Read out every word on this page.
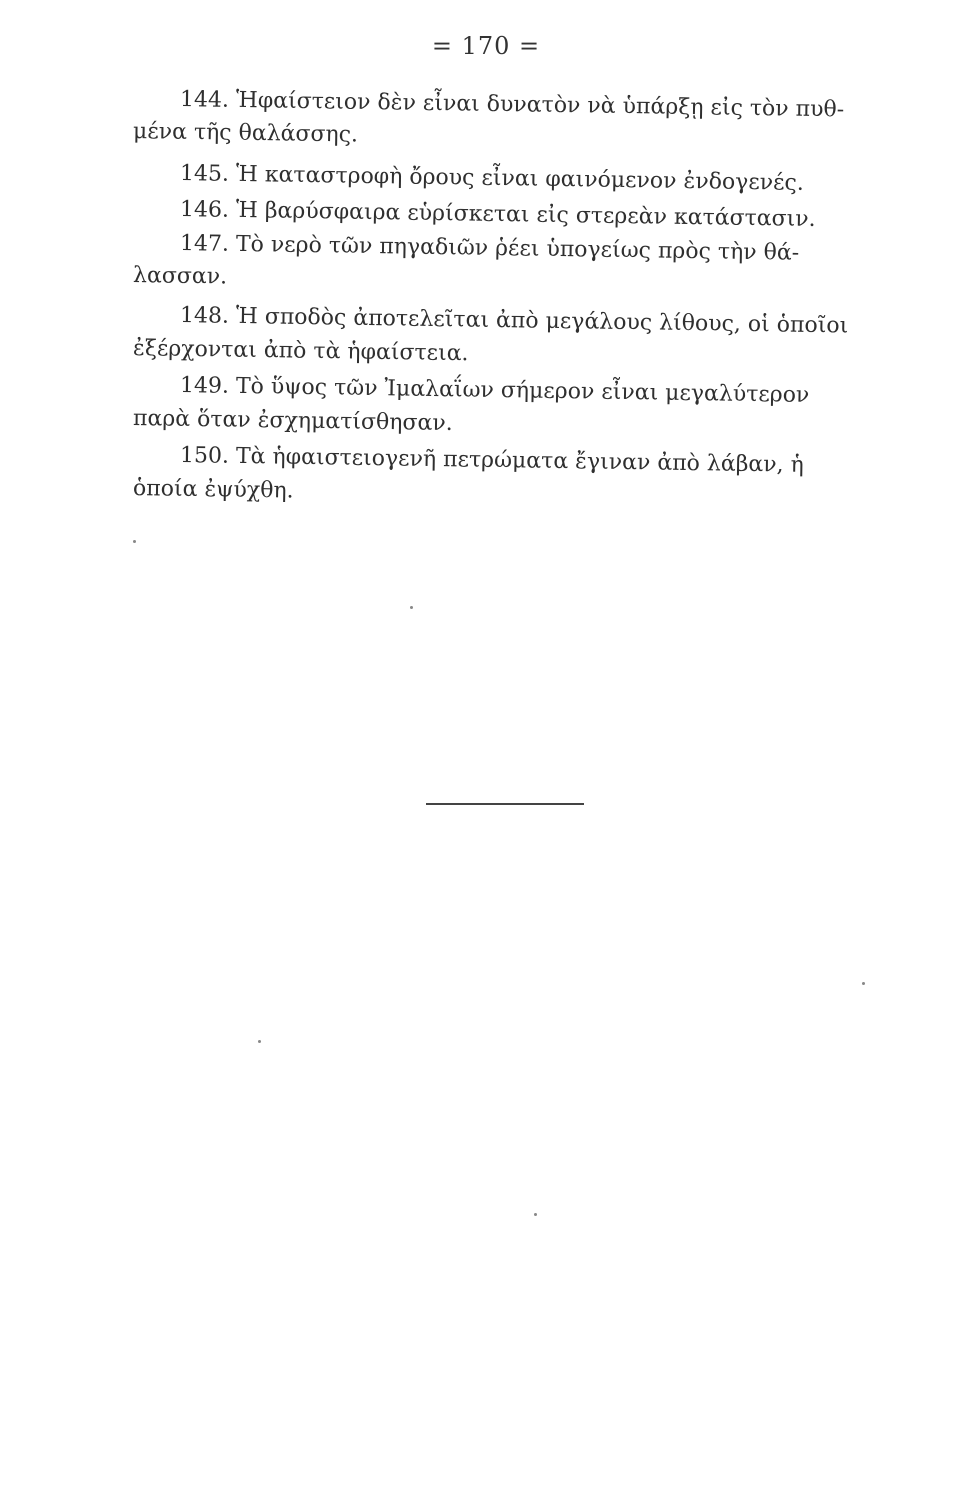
= 170 =
144. Ἡφαίστειον δὲν εἶναι δυνατὸν νὰ ὑπάρξῃ εἰς τὸν πυθ-
μένα τῆς θαλάσσης.
145. Ἡ καταστροφὴ ὄρους εἶναι φαινόμενον ἐνδογενές.
146. Ἡ βαρύσφαιρα εὑρίσκεται εἰς στερεὰν κατάστασιν.
147. Τὸ νερὸ τῶν πηγαδιῶν ῥέει ὑπογείως πρὸς τὴν θά-
λασσαν.
148. Ἡ σποδὸς ἀποτελεῖται ἀπὸ μεγάλους λίθους, οἱ ὁποῖοι
ἐξέρχονται ἀπὸ τὰ ἡφαίστεια.
149. Τὸ ὕψος τῶν Ἰμαλαΐων σήμερον εἶναι μεγαλύτερον
παρὰ ὅταν ἐσχηματίσθησαν.
150. Τὰ ἡφαιστειογενῆ πετρώματα ἔγιναν ἀπὸ λάβαν, ἡ
ὁποία ἐψύχθη.
